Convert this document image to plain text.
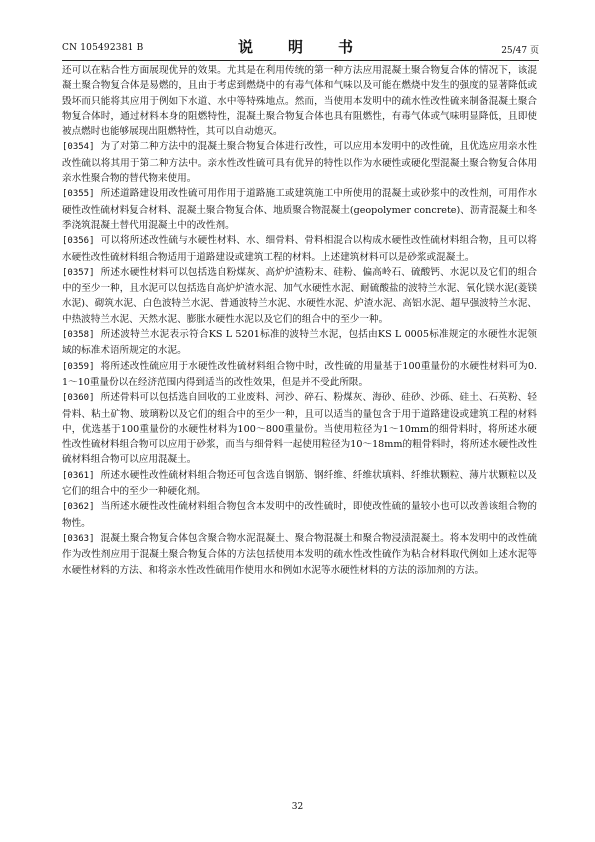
CN 105492381 B	说　明　书	25/47 页

还可以在粘合性方面展现优异的效果。尤其是在利用传统的第一种方法应用混凝土聚合物复合体的情况下，该混凝土聚合物复合体是易燃的，且由于考虑到燃烧中的有毒气体和气味以及可能在燃烧中发生的强度的显著降低或毁坏而只能将其应用于例如下水道、水中等特殊地点。然而，当使用本发明中的疏水性改性硫来制备混凝土聚合物复合体时，通过材料本身的阻燃特性，混凝土聚合物复合体也具有阻燃性，有毒气体或气味明显降低，且即使被点燃时也能够展现出阻燃特性，其可以自动熄灭。

[0354] 为了对第二种方法中的混凝土聚合物复合体进行改性，可以应用本发明中的改性硫，且优选应用亲水性改性硫以将其用于第二种方法中。亲水性改性硫可具有优异的特性以作为水硬性或硬化型混凝土聚合物复合体用亲水性聚合物的替代物来使用。

[0355] 所述道路建设用改性硫可用作用于道路施工或建筑施工中所使用的混凝土或砂浆中的改性剂，可用作水硬性改性硫材料复合材料、混凝土聚合物复合体、地质聚合物混凝土(geopolymer concrete)、沥青混凝土和冬季浇筑混凝土替代用混凝土中的改性剂。

[0356] 可以将所述改性硫与水硬性材料、水、细骨料、骨料相混合以构成水硬性改性硫材料组合物，且可以将水硬性改性硫材料组合物适用于道路建设或建筑工程的材料。上述建筑材料可以是砂浆或混凝土。

[0357] 所述水硬性材料可以包括选自粉煤灰、高炉炉渣粉末、硅粉、偏高岭石、硫酸钙、水泥以及它们的组合中的至少一种，且水泥可以包括选自高炉炉渣水泥、加气水硬性水泥、耐硫酸盐的波特兰水泥、氧化镁水泥(菱镁水泥)、砌筑水泥、白色波特兰水泥、普通波特兰水泥、水硬性水泥、炉渣水泥、高铝水泥、超早强波特兰水泥、中热波特兰水泥、天然水泥、膨胀水硬性水泥以及它们的组合中的至少一种。

[0358] 所述波特兰水泥表示符合KS L 5201标准的波特兰水泥，包括由KS L 0005标准规定的水硬性水泥领域的标准术语所规定的水泥。

[0359] 将所述改性硫应用于水硬性改性硫材料组合物中时，改性硫的用量基于100重量份的水硬性材料可为0.1～10重量份以在经济范围内得到适当的改性效果，但是并不受此所限。

[0360] 所述骨料可以包括选自回收的工业废料、河沙、碎石、粉煤灰、海砂、硅砂、沙砾、硅土、石英粉、轻骨料、粘土矿物、玻璃粉以及它们的组合中的至少一种，且可以适当的量包含于用于道路建设或建筑工程的材料中，优选基于100重量份的水硬性材料为100～800重量份。当使用粒径为1～10mm的细骨料时，将所述水硬性改性硫材料组合物可以应用于砂浆，而当与细骨料一起使用粒径为10～18mm的粗骨料时，将所述水硬性改性硫材料组合物可以应用混凝土。

[0361] 所述水硬性改性硫材料组合物还可包含选自钢筋、钢纤维、纤维状填料、纤维状颗粒、薄片状颗粒以及它们的组合中的至少一种硬化剂。

[0362] 当所述水硬性改性硫材料组合物包含本发明中的改性硫时，即使改性硫的量较小也可以改善该组合物的物性。

[0363] 混凝土聚合物复合体包含聚合物水泥混凝土、聚合物混凝土和聚合物浸渍混凝土。将本发明中的改性硫作为改性剂应用于混凝土聚合物复合体的方法包括使用本发明的疏水性改性硫作为粘合材料取代例如上述水泥等水硬性材料的方法、和将亲水性改性硫用作使用水和例如水泥等水硬性材料的方法的添加剂的方法。

32
